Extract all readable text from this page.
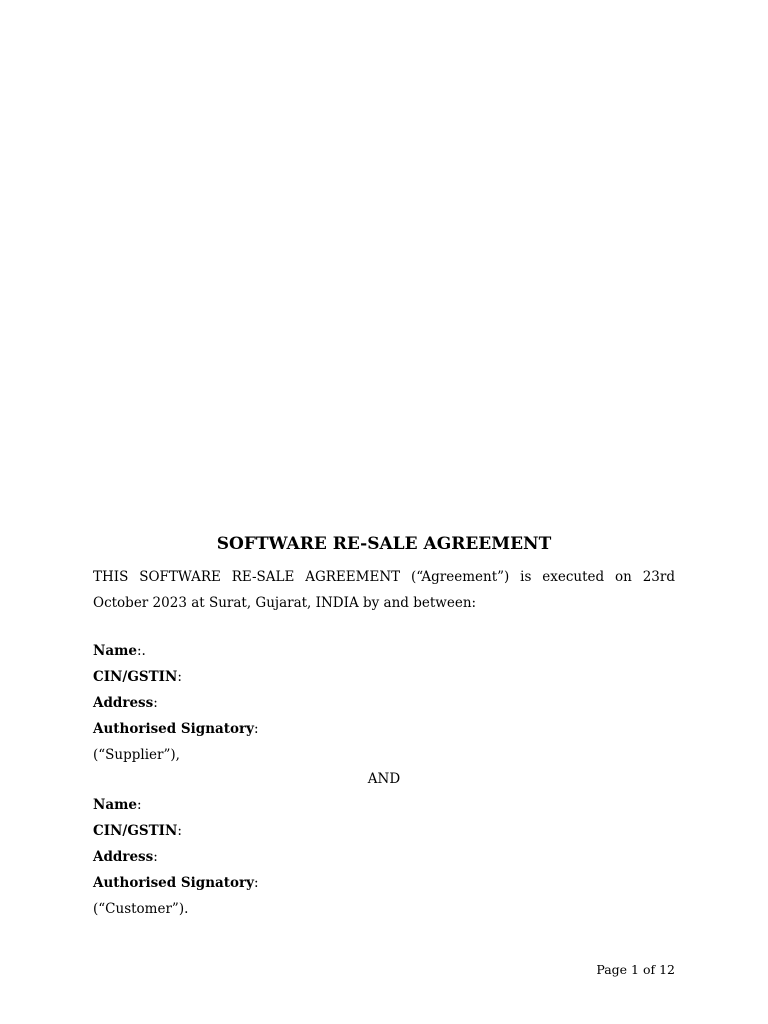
SOFTWARE RE-SALE AGREEMENT
THIS SOFTWARE RE-SALE AGREEMENT (“Agreement”) is executed on 23rd October 2023 at Surat, Gujarat, INDIA by and between:
Name:.
CIN/GSTIN:
Address:
Authorised Signatory:
(“Supplier”),
AND
Name:
CIN/GSTIN:
Address:
Authorised Signatory:
(“Customer”).
Page 1 of 12
